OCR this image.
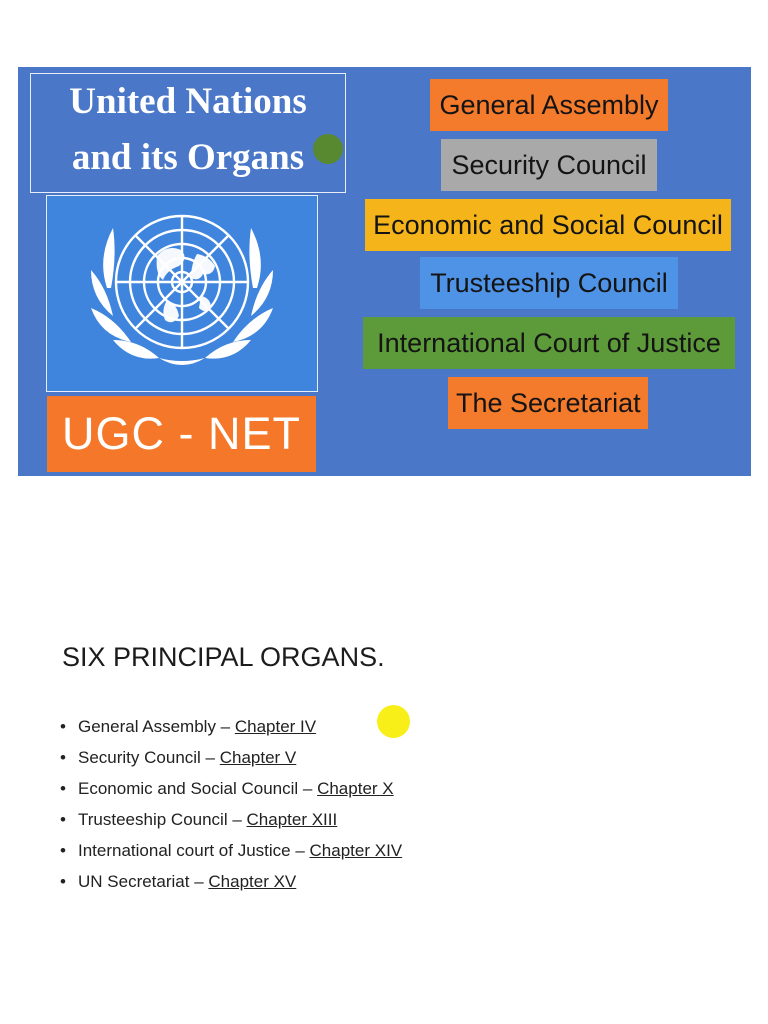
United Nations
and its Organs
UGC - NET
General Assembly
Security Council
Economic and Social Council
Trusteeship Council
International Court of Justice
The Secretariat
SIX PRINCIPAL ORGANS.
• General Assembly – Chapter IV
• Security Council – Chapter V
• Economic and Social Council – Chapter X
• Trusteeship Council – Chapter XIII
• International court of Justice – Chapter XIV
• UN Secretariat – Chapter XV
